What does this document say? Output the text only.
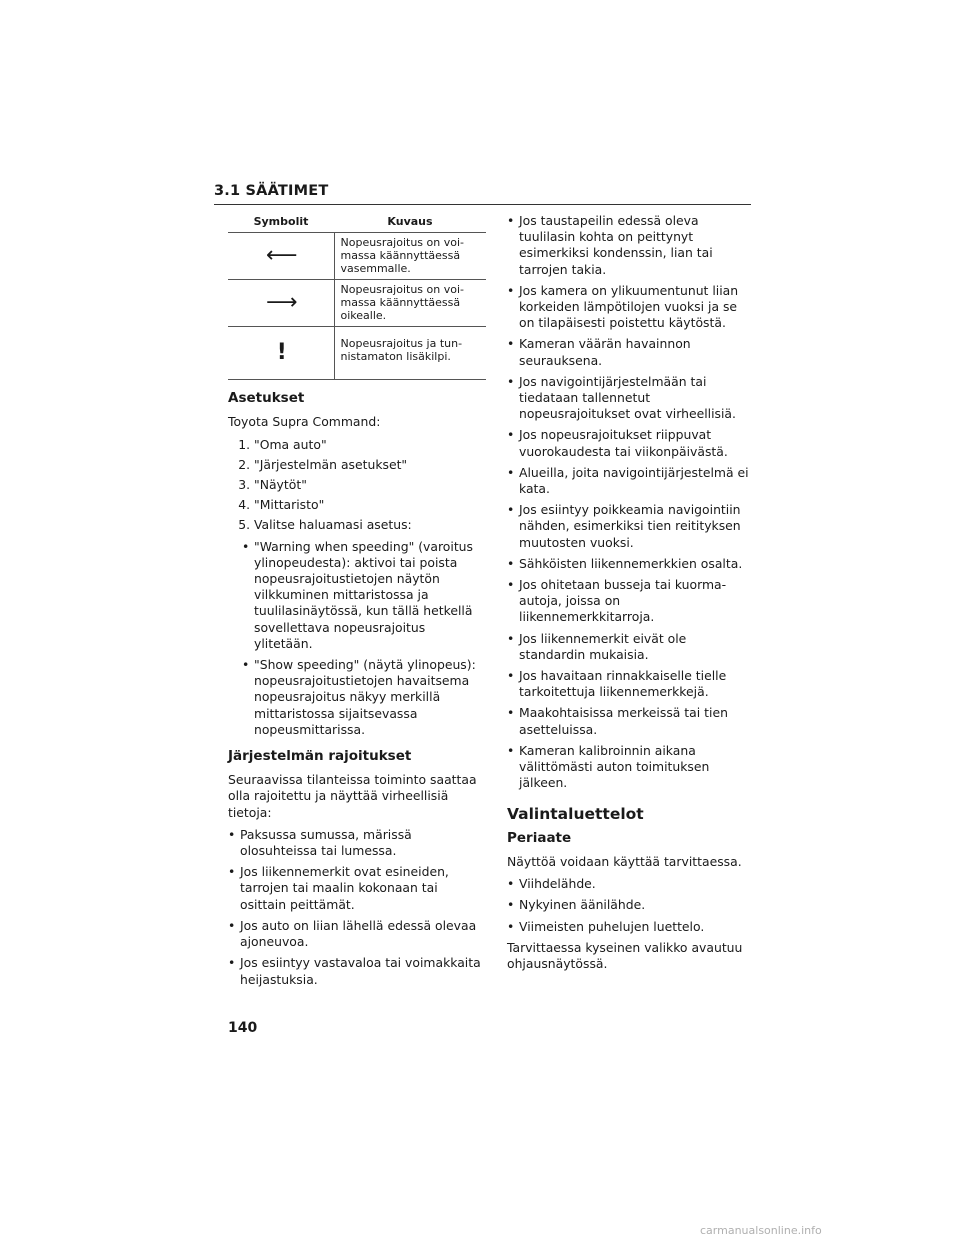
3.1 SÄÄTIMET
Symbolit	Kuvaus
⟵	Nopeusrajoitus on voi-massa käännyttäessä vasemmalle.
⟶	Nopeusrajoitus on voi-massa käännyttäessä oikealle.
!	Nopeusrajoitus ja tun-nistamaton lisäkilpi.
Asetukset

Toyota Supra Command:

1. "Oma auto"
2. "Järjestelmän asetukset"
3. "Näytöt"
4. "Mittaristo"
5. Valitse haluamasi asetus:
• "Warning when speeding" (varoitus ylinopeudesta): aktivoi tai poista nopeusrajoitustietojen näytön vilkkuminen mittaristossa ja tuulilasinäytössä, kun tällä hetkellä sovellettava nopeusrajoitus ylitetään.
• "Show speeding" (näytä ylinopeus): nopeusrajoitustietojen havaitsema nopeusrajoitus näkyy merkillä mittaristossa sijaitsevassa nopeusmittarissa.
Järjestelmän rajoitukset

Seuraavissa tilanteissa toiminto saattaa olla rajoitettu ja näyttää virheellisiä tietoja:

• Paksussa sumussa, märissä olosuhteissa tai lumessa.
• Jos liikennemerkit ovat esineiden, tarrojen tai maalin kokonaan tai osittain peittämät.
• Jos auto on liian lähellä edessä olevaa ajoneuvoa.
• Jos esiintyy vastavaloa tai voimakkaita heijastuksia.
• Jos taustapeilin edessä oleva tuulilasin kohta on peittynyt esimerkiksi kondenssin, lian tai tarrojen takia.
• Jos kamera on ylikuumentunut liian korkeiden lämpötilojen vuoksi ja se on tilapäisesti poistettu käytöstä.
• Kameran väärän havainnon seurauksena.
• Jos navigointijärjestelmään tai tiedataan tallennetut nopeusrajoitukset ovat virheellisiä.
• Jos nopeusrajoitukset riippuvat vuorokaudesta tai viikonpäivästä.
• Alueilla, joita navigointijärjestelmä ei kata.
• Jos esiintyy poikkeamia navigointiin nähden, esimerkiksi tien reitityksen muutosten vuoksi.
• Sähköisten liikennemerkkien osalta.
• Jos ohitetaan busseja tai kuorma-autoja, joissa on liikennemerkkitarroja.
• Jos liikennemerkit eivät ole standardin mukaisia.
• Jos havaitaan rinnakkaiselle tielle tarkoitettuja liikennemerkkejä.
• Maakohtaisissa merkeissä tai tien asetteluissa.
• Kameran kalibroinnin aikana välittömästi auton toimituksen jälkeen.
Valintaluettelot
Periaate

Näyttöä voidaan käyttää tarvittaessa.

• Viihdelähde.
• Nykyinen äänilähde.
• Viimeisten puhelujen luettelo.

Tarvittaessa kyseinen valikko avautuu ohjausnäytössä.

140
carmanualsonline.info
